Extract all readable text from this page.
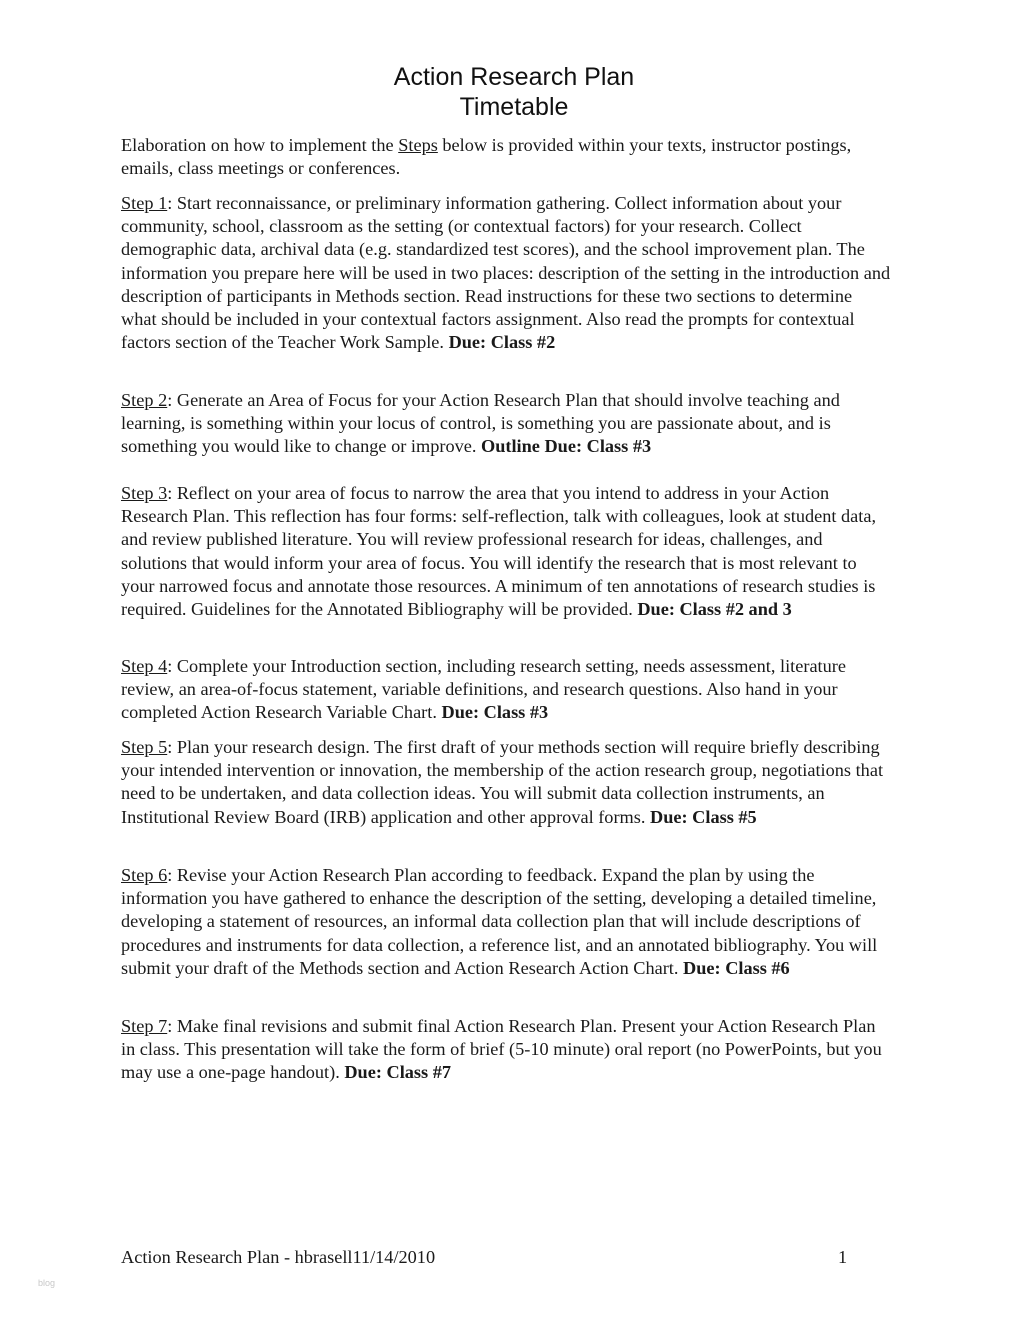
Action Research Plan
Timetable
Elaboration on how to implement the Steps below is provided within your texts, instructor postings, emails, class meetings or conferences.
Step 1: Start reconnaissance, or preliminary information gathering. Collect information about your community, school, classroom as the setting (or contextual factors) for your research. Collect demographic data, archival data (e.g. standardized test scores), and the school improvement plan. The information you prepare here will be used in two places: description of the setting in the introduction and description of participants in Methods section. Read instructions for these two sections to determine what should be included in your contextual factors assignment. Also read the prompts for contextual factors section of the Teacher Work Sample. Due: Class #2
Step 2: Generate an Area of Focus for your Action Research Plan that should involve teaching and learning, is something within your locus of control, is something you are passionate about, and is something you would like to change or improve. Outline Due: Class #3
Step 3: Reflect on your area of focus to narrow the area that you intend to address in your Action Research Plan. This reflection has four forms: self-reflection, talk with colleagues, look at student data, and review published literature. You will review professional research for ideas, challenges, and solutions that would inform your area of focus. You will identify the research that is most relevant to your narrowed focus and annotate those resources. A minimum of ten annotations of research studies is required. Guidelines for the Annotated Bibliography will be provided. Due: Class #2 and 3
Step 4: Complete your Introduction section, including research setting, needs assessment, literature review, an area-of-focus statement, variable definitions, and research questions. Also hand in your completed Action Research Variable Chart. Due: Class #3
Step 5: Plan your research design. The first draft of your methods section will require briefly describing your intended intervention or innovation, the membership of the action research group, negotiations that need to be undertaken, and data collection ideas. You will submit data collection instruments, an Institutional Review Board (IRB) application and other approval forms. Due: Class #5
Step 6: Revise your Action Research Plan according to feedback. Expand the plan by using the information you have gathered to enhance the description of the setting, developing a detailed timeline, developing a statement of resources, an informal data collection plan that will include descriptions of procedures and instruments for data collection, a reference list, and an annotated bibliography. You will submit your draft of the Methods section and Action Research Action Chart. Due: Class #6
Step 7: Make final revisions and submit final Action Research Plan. Present your Action Research Plan in class. This presentation will take the form of brief (5-10 minute) oral report (no PowerPoints, but you may use a one-page handout). Due: Class #7
Action Research Plan - hbrasell11/14/2010	1
blog
